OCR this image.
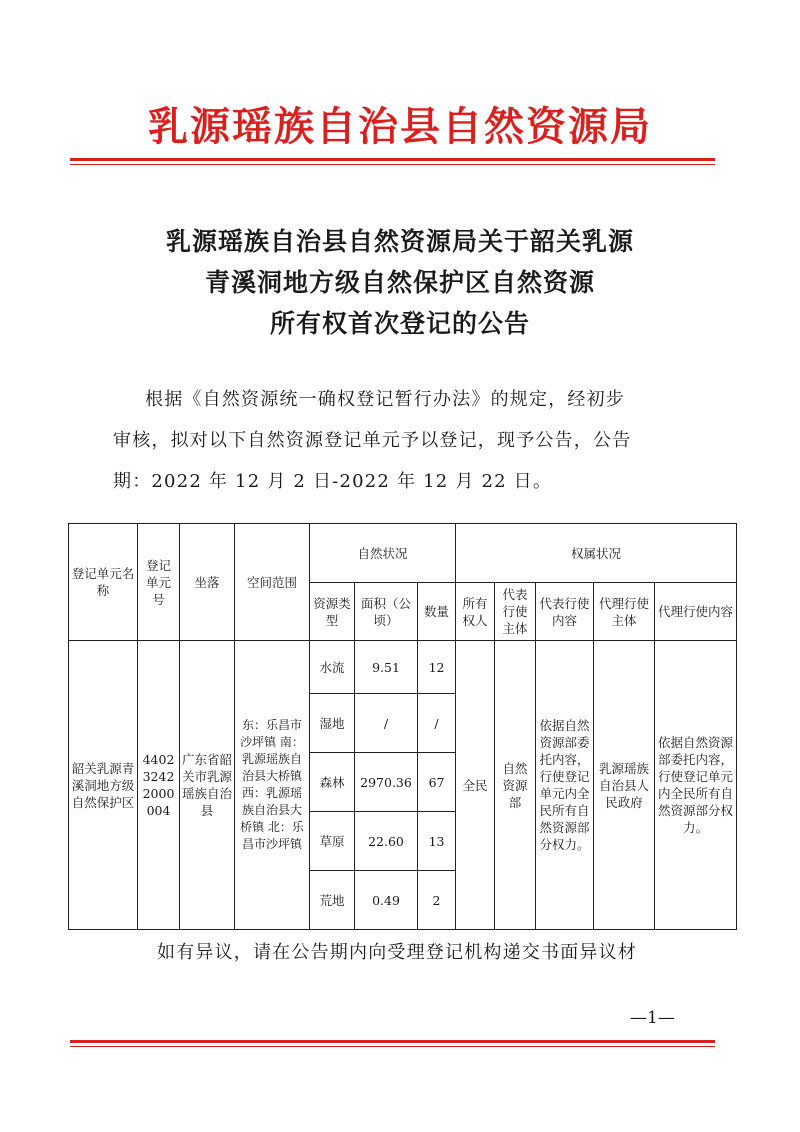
乳源瑶族自治县自然资源局
乳源瑶族自治县自然资源局关于韶关乳源
青溪洞地方级自然保护区自然资源
所有权首次登记的公告
根据《自然资源统一确权登记暂行办法》的规定，经初步
审核，拟对以下自然资源登记单元予以登记，现予公告，公告
期：2022 年 12 月 2 日-2022 年 12 月 22 日。
登记单元名称	登记单元号	坐落	空间范围	自然状况			权属状况				
				资源类型	面积（公顷）	数量	所有权人	代表行使主体	代表行使内容	代理行使主体	代理行使内容
韶关乳源青溪洞地方级自然保护区	440232422000004	广东省韶关市乳源瑶族自治县	东：乐昌市沙坪镇 南：乳源瑶族自治县大桥镇 西：乳源瑶族自治县大桥镇 北：乐昌市沙坪镇	水流	9.51	12	全民	自然资源部	依据自然资源部委托内容，行使登记单元内全民所有自然资源部分权力。	乳源瑶族自治县人民政府	依据自然资源部委托内容，行使登记单元内全民所有自然资源部分权力。
				湿地	/	/					
				森林	2970.36	67					
				草原	22.60	13					
				荒地	0.49	2					
如有异议，请在公告期内向受理登记机构递交书面异议材
—1—
